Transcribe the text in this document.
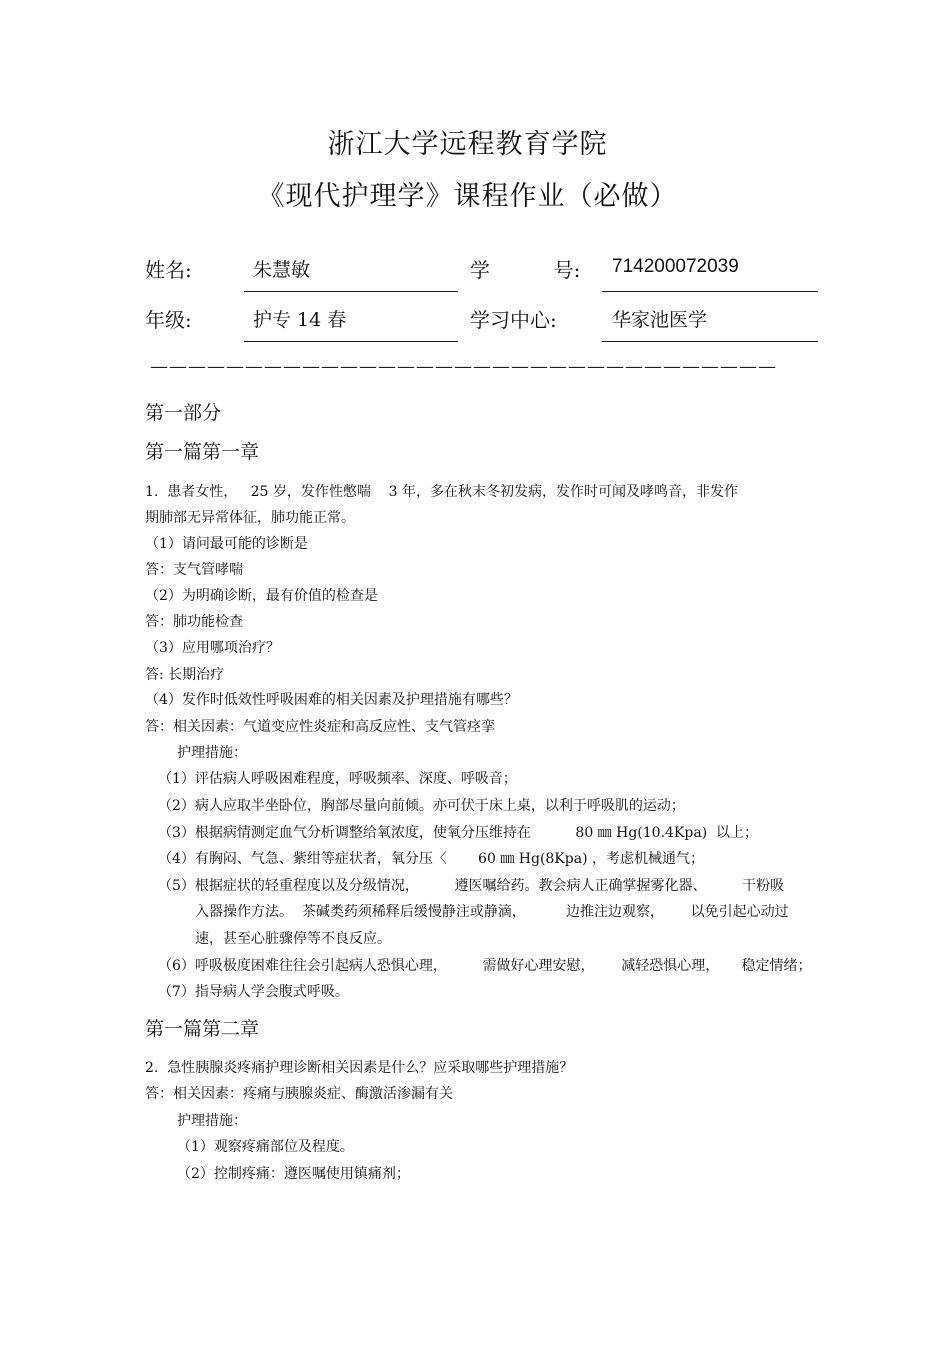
浙江大学远程教育学院
《现代护理学》课程作业（必做）
姓名:	朱慧敏	学          号: 714200072039
年级:	护专 14 春	学习中心:	华家池医学
—————————————————————————————————
第一部分
第一篇第一章
1.  患者女性，   25 岁，发作性憋喘    3 年，多在秋末冬初发病，发作时可闻及哮鸣音，非发作
期肺部无异常体征，肺功能正常。
（1）请问最可能的诊断是
答：支气管哮喘
（2）为明确诊断，最有价值的检查是
答：肺功能检查
（3）应用哪项治疗？
答: 长期治疗
（4）发作时低效性呼吸困难的相关因素及护理措施有哪些？
答：相关因素：气道变应性炎症和高反应性、支气管痉挛
护理措施：
（1）评估病人呼吸困难程度，呼吸频率、深度、呼吸音；
（2）病人应取半坐卧位，胸部尽量向前倾。亦可伏于床上桌，以利于呼吸肌的运动；
（3）根据病情测定血气分析调整给氧浓度，使氧分压维持在          80 ㎜ Hg(10.4Kpa)  以上；
（4）有胸闷、气急、紫绀等症状者，氧分压〈       60 ㎜ Hg(8Kpa) ，考虑机械通气；
（5）根据症状的轻重程度以及分级情况，        遵医嘱给药。教会病人正确掌握雾化器、        干粉吸
入器操作方法。  茶碱类药须稀释后缓慢静注或静滴，         边推注边观察，      以免引起心动过
速，甚至心脏骤停等不良反应。
（6）呼吸极度困难往往会引起病人恐惧心理，        需做好心理安慰，      减轻恐惧心理，     稳定情绪；
（7）指导病人学会腹式呼吸。
第一篇第二章
2.  急性胰腺炎疼痛护理诊断相关因素是什么？应采取哪些护理措施？
答：相关因素：疼痛与胰腺炎症、酶激活渗漏有关
护理措施：
（1）观察疼痛部位及程度。
（2）控制疼痛：遵医嘱使用镇痛剂；
